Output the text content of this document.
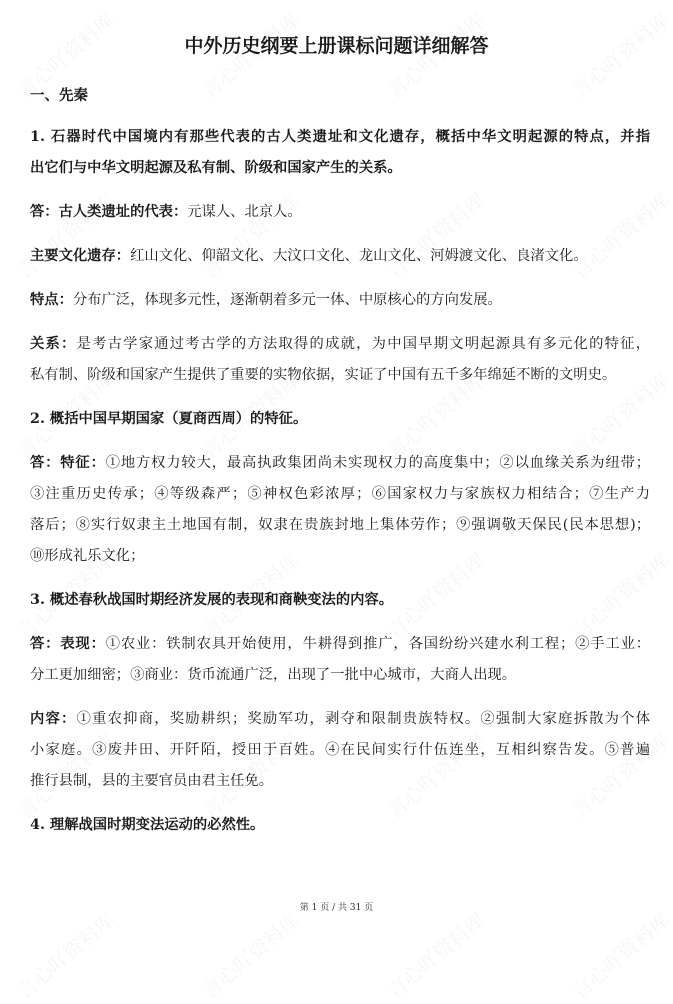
中外历史纲要上册课标问题详细解答
一、先秦
1. 石器时代中国境内有那些代表的古人类遗址和文化遗存，概括中华文明起源的特点，并指
出它们与中华文明起源及私有制、阶级和国家产生的关系。
答：古人类遗址的代表：元谋人、北京人。
主要文化遗存：红山文化、仰韶文化、大汶口文化、龙山文化、河姆渡文化、良渚文化。
特点：分布广泛，体现多元性，逐渐朝着多元一体、中原核心的方向发展。
关系：是考古学家通过考古学的方法取得的成就，为中国早期文明起源具有多元化的特征，
私有制、阶级和国家产生提供了重要的实物依据，实证了中国有五千多年绵延不断的文明史。
2. 概括中国早期国家（夏商西周）的特征。
答：特征：①地方权力较大，最高执政集团尚未实现权力的高度集中；②以血缘关系为纽带；
③注重历史传承；④等级森严；⑤神权色彩浓厚；⑥国家权力与家族权力相结合；⑦生产力
落后；⑧实行奴隶主土地国有制，奴隶在贵族封地上集体劳作；⑨强调敬天保民(民本思想)；
⑩形成礼乐文化；
3. 概述春秋战国时期经济发展的表现和商鞅变法的内容。
答：表现：①农业：铁制农具开始使用，牛耕得到推广，各国纷纷兴建水利工程；②手工业：
分工更加细密；③商业：货币流通广泛，出现了一批中心城市，大商人出现。
内容：①重农抑商，奖励耕织；奖励军功，剥夺和限制贵族特权。②强制大家庭拆散为个体
小家庭。③废井田、开阡陌，授田于百姓。④在民间实行什伍连坐，互相纠察告发。⑤普遍
推行县制，县的主要官员由君主任免。
4. 理解战国时期变法运动的必然性。
第 1 页 / 共 31 页
